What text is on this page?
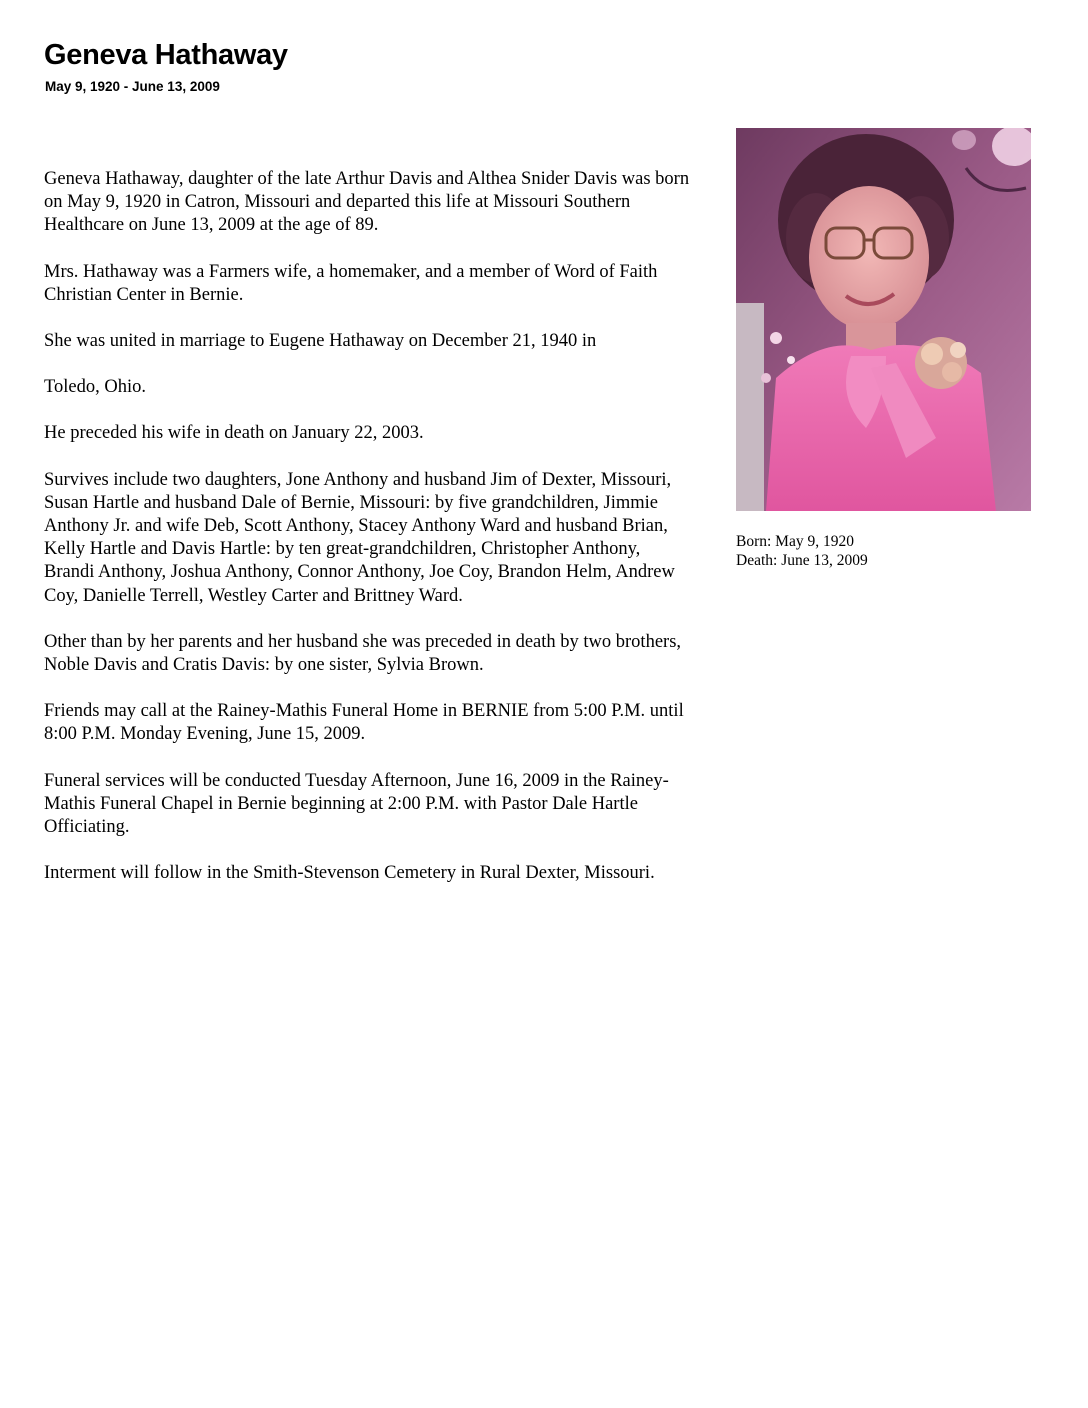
Geneva Hathaway
May 9, 1920 - June 13, 2009

Geneva Hathaway, daughter of the late Arthur Davis and Althea Snider Davis was born on May 9, 1920 in Catron, Missouri and departed this life at Missouri Southern Healthcare on June 13, 2009 at the age of 89.

Mrs. Hathaway was a Farmers wife, a homemaker, and a member of Word of Faith Christian Center in Bernie.

She was united in marriage to Eugene Hathaway on December 21, 1940 in

Toledo, Ohio.

He preceded his wife in death on January 22, 2003.

Survives include two daughters, Jone Anthony and husband Jim of Dexter, Missouri, Susan Hartle and husband Dale of Bernie, Missouri: by five grandchildren, Jimmie Anthony Jr. and wife Deb, Scott Anthony, Stacey Anthony Ward and husband Brian, Kelly Hartle and Davis Hartle: by ten great-grandchildren, Christopher Anthony, Brandi Anthony, Joshua Anthony, Connor Anthony, Joe Coy, Brandon Helm, Andrew Coy, Danielle Terrell, Westley Carter and Brittney Ward.

Other than by her parents and her husband she was preceded in death by two brothers, Noble Davis and Cratis Davis: by one sister, Sylvia Brown.

Friends may call at the Rainey-Mathis Funeral Home in BERNIE from 5:00 P.M. until 8:00 P.M. Monday Evening, June 15, 2009.

Funeral services will be conducted Tuesday Afternoon, June 16, 2009 in the Rainey-Mathis Funeral Chapel in Bernie beginning at 2:00 P.M. with Pastor Dale Hartle Officiating.

Interment will follow in the Smith-Stevenson Cemetery in Rural Dexter, Missouri.

Born: May 9, 1920
Death: June 13, 2009
